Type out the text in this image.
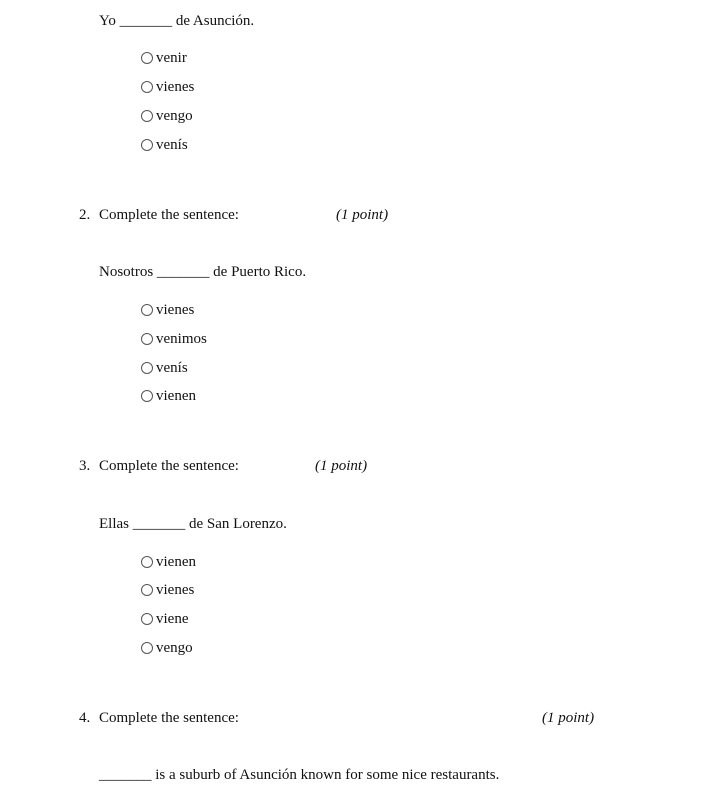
Yo _______ de Asunción.
venir
vienes
vengo
venís
2. Complete the sentence:	(1 point)
Nosotros _______ de Puerto Rico.
vienes
venimos
venís
vienen
3. Complete the sentence:	(1 point)
Ellas _______ de San Lorenzo.
vienen
vienes
viene
vengo
4. Complete the sentence:	(1 point)
_______ is a suburb of Asunción known for some nice restaurants.
